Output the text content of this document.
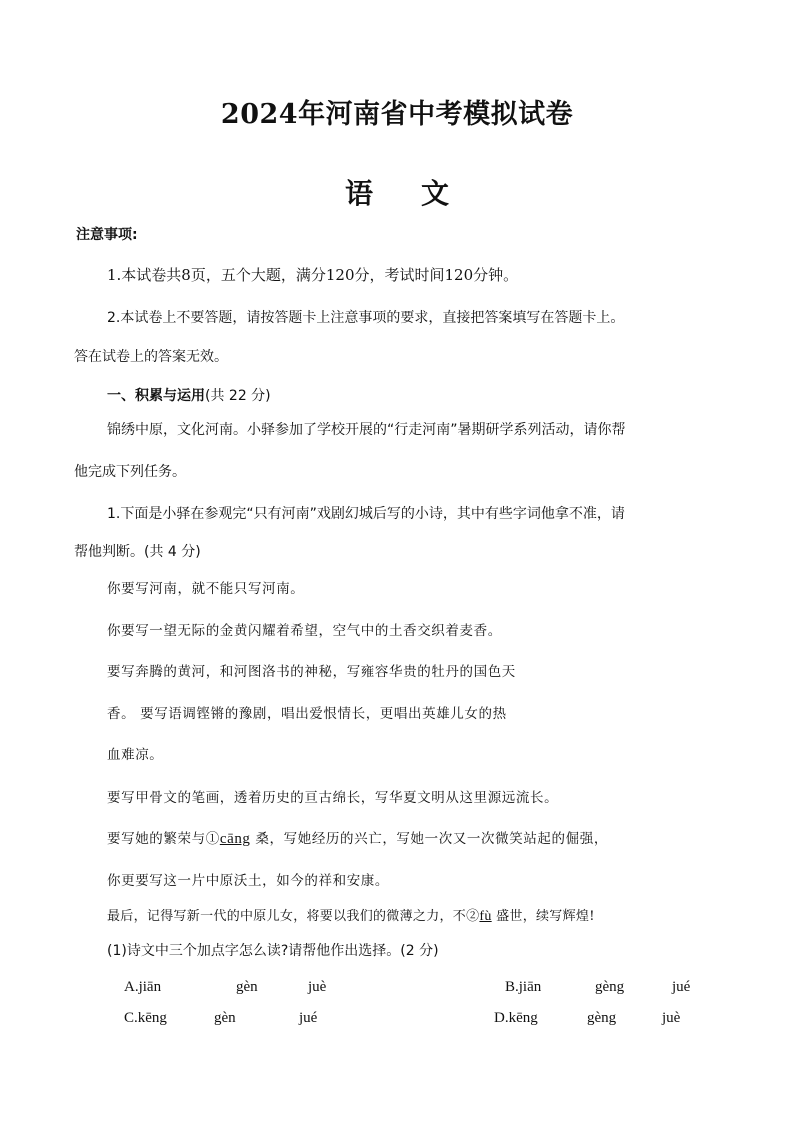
2024年河南省中考模拟试卷
语 文
注意事项:
1.本试卷共8页，五个大题，满分120分，考试时间120分钟。
2.本试卷上不要答题，请按答题卡上注意事项的要求，直接把答案填写在答题卡上。
答在试卷上的答案无效。
一、积累与运用(共 22 分)
锦绣中原，文化河南。小驿参加了学校开展的“行走河南”暑期研学系列活动，请你帮
他完成下列任务。
1.下面是小驿在参观完“只有河南”戏剧幻城后写的小诗，其中有些字词他拿不准，请
帮他判断。(共 4 分)
你要写河南，就不能只写河南。
你要写一望无际的金黄闪耀着希望，空气中的土香交织着麦香。
要写奔腾的黄河，和河图洛书的神秘，写雍容华贵的牡丹的国色天
香。 要写语调铿锵的豫剧，唱出爱恨情长，更唱出英雄儿女的热
血难凉。
要写甲骨文的笔画，透着历史的亘古绵长，写华夏文明从这里源远流长。
要写她的繁荣与①cāng 桑，写她经历的兴亡，写她一次又一次微笑站起的倔强，
你更要写这一片中原沃土，如今的祥和安康。
最后，记得写新一代的中原儿女，将要以我们的微薄之力，不②fù 盛世，续写辉煌!
(1)诗文中三个加点字怎么读?请帮他作出选择。(2 分)
A.jiān	gèn	juè	B.jiān	gèng	jué
C.kēng	gèn	jué	D.kēng	gèng	juè
